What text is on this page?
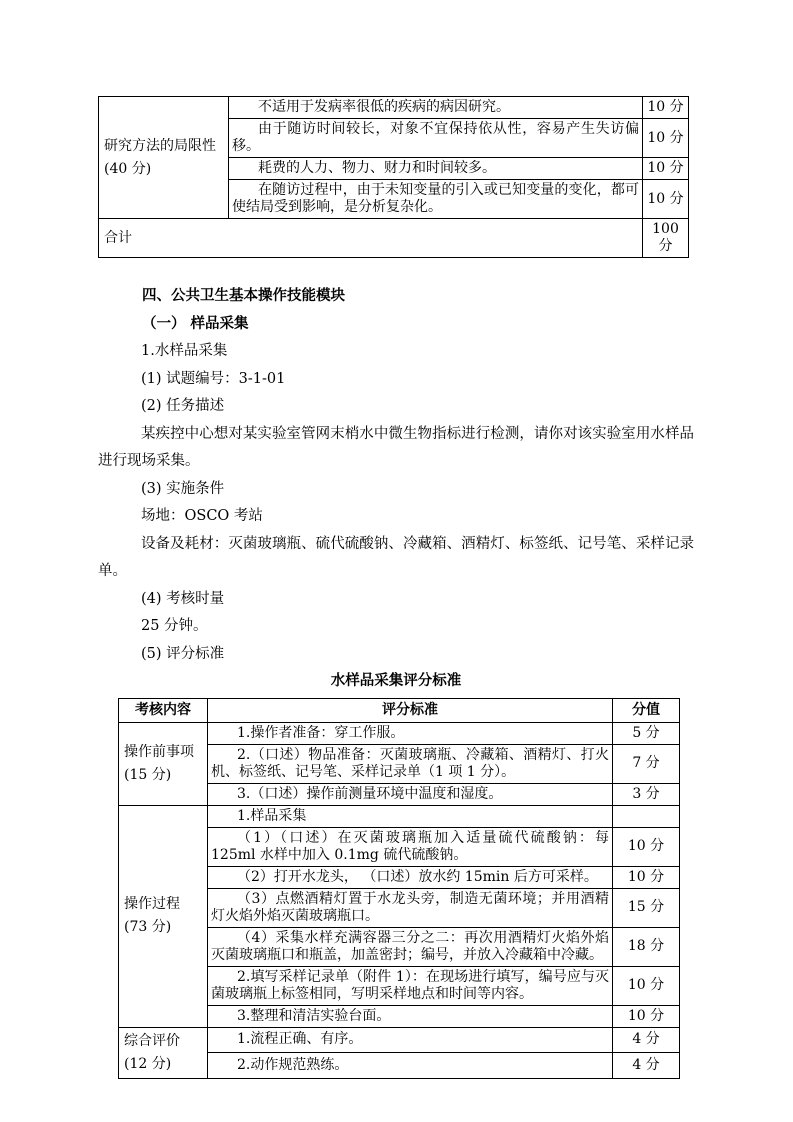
研究方法的局限性
(40 分)	不适用于发病率很低的疾病的病因研究。	10 分
	由于随访时间较长，对象不宜保持依从性，容易产生失访偏移。	10 分
	耗费的人力、物力、财力和时间较多。	10 分
	在随访过程中，由于未知变量的引入或已知变量的变化，都可使结局受到影响，是分析复杂化。	10 分
合计		100 分
四、公共卫生基本操作技能模块
（一） 样品采集
1.水样品采集
(1) 试题编号：3-1-01
(2) 任务描述
某疾控中心想对某实验室管网末梢水中微生物指标进行检测，请你对该实验室用水样品进行现场采集。
(3) 实施条件
场地：OSCO 考站
设备及耗材：灭菌玻璃瓶、硫代硫酸钠、冷藏箱、酒精灯、标签纸、记号笔、采样记录单。
(4) 考核时量
25 分钟。
(5) 评分标准
水样品采集评分标准
考核内容	评分标准	分值

操作前事项
(15 分)	1.操作者准备：穿工作服。	5 分
	2.（口述）物品准备：灭菌玻璃瓶、冷藏箱、酒精灯、打火机、标签纸、记号笔、采样记录单（1 项 1 分）。	7 分
	3.（口述）操作前测量环境中温度和湿度。	3 分

操作过程
(73 分)	1.样品采集	
	（1）（口述）在灭菌玻璃瓶加入适量硫代硫酸钠：每 125ml 水样中加入 0.1mg 硫代硫酸钠。	10 分
	（2）打开水龙头， （口述）放水约 15min 后方可采样。	10 分
	（3）点燃酒精灯置于水龙头旁，制造无菌环境；并用酒精灯火焰外焰灭菌玻璃瓶口。	15 分
	（4）采集水样充满容器三分之二：再次用酒精灯火焰外焰灭菌玻璃瓶口和瓶盖，加盖密封；编号，并放入冷藏箱中冷藏。	18 分
	2.填写采样记录单（附件 1）：在现场进行填写，编号应与灭菌玻璃瓶上标签相同，写明采样地点和时间等内容。	10 分
	3.整理和清洁实验台面。	10 分

综合评价
(12 分)	1.流程正确、有序。	4 分
	2.动作规范熟练。	4 分
